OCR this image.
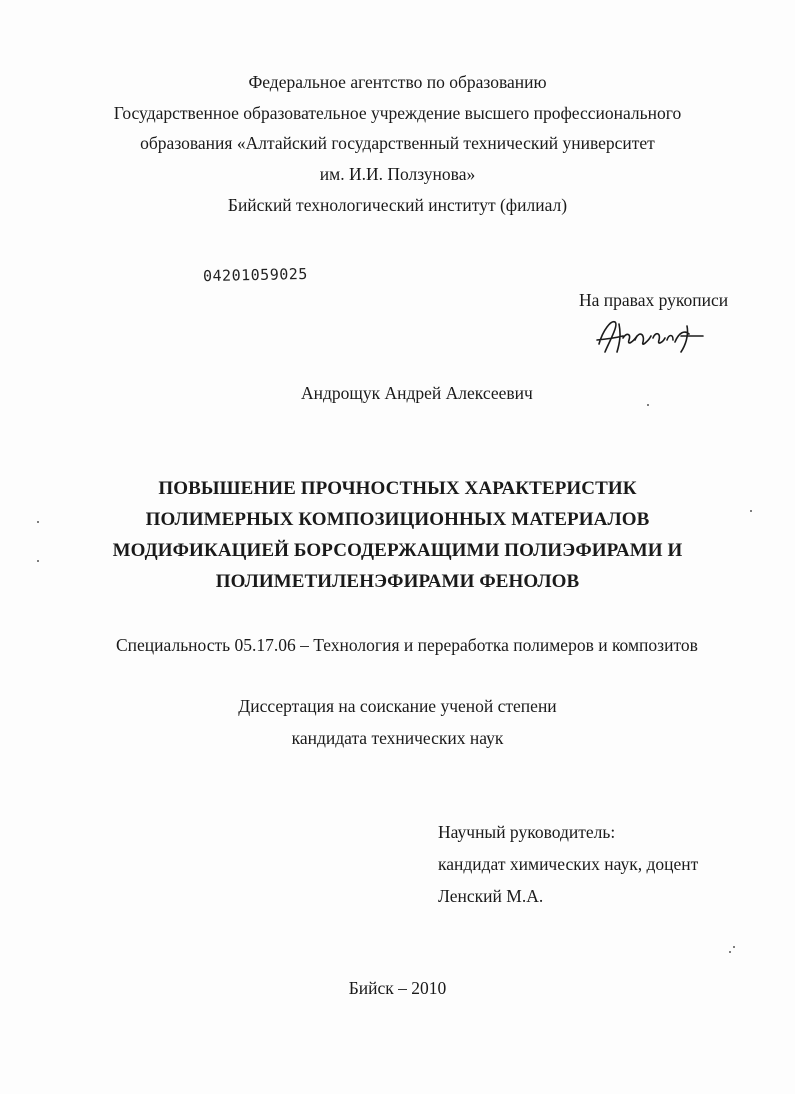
Федеральное агентство по образованию
Государственное образовательное учреждение высшего профессионального
образования «Алтайский государственный технический университет
им. И.И. Ползунова»
Бийский технологический институт (филиал)
04201059025
На правах рукописи
Андрощук Андрей Алексеевич
ПОВЫШЕНИЕ ПРОЧНОСТНЫХ ХАРАКТЕРИСТИК
ПОЛИМЕРНЫХ КОМПОЗИЦИОННЫХ МАТЕРИАЛОВ
МОДИФИКАЦИЕЙ БОРСОДЕРЖАЩИМИ ПОЛИЭФИРАМИ И
ПОЛИМЕТИЛЕНЭФИРАМИ ФЕНОЛОВ
Специальность 05.17.06 – Технология и переработка полимеров и композитов
Диссертация на соискание ученой степени
кандидата технических наук
Научный руководитель:
кандидат химических наук, доцент
Ленский М.А.
Бийск – 2010
